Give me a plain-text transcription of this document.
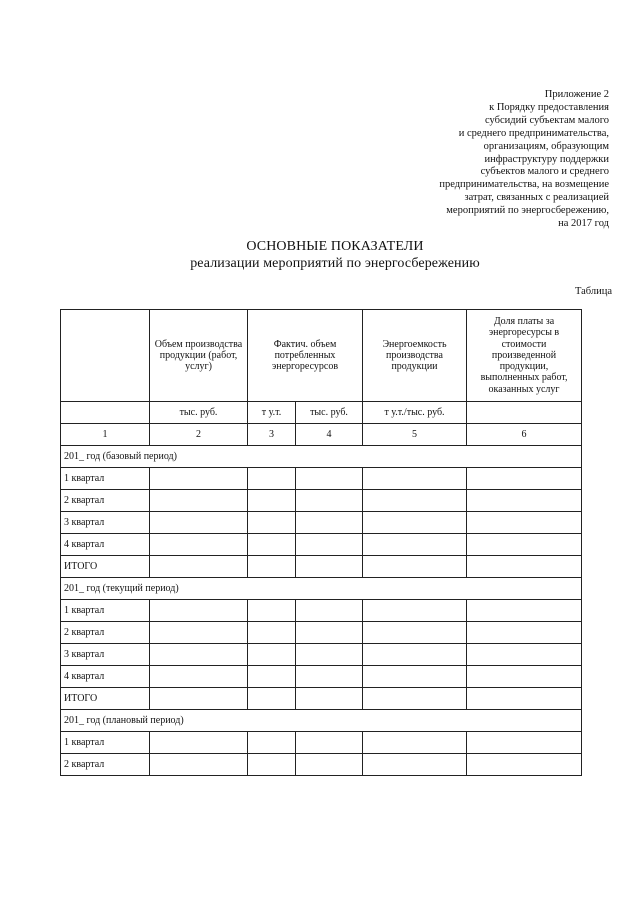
Приложение 2
к Порядку предоставления
субсидий субъектам малого
и среднего предпринимательства,
организациям, образующим
инфраструктуру поддержки
субъектов малого и среднего
предпринимательства, на возмещение
затрат, связанных с реализацией
мероприятий по энергосбережению,
на 2017 год
ОСНОВНЫЕ ПОКАЗАТЕЛИ
реализации мероприятий по энергосбережению
Таблица
	Объем производства продукции (работ, услуг)	Фактич. объем потребленных энергоресурсов		Энергоемкость производства продукции	Доля платы за энергоресурсы в стоимости произведенной продукции, выполненных работ, оказанных услуг
	тыс. руб.	т у.т.	тыс. руб.	т у.т./тыс. руб.	
1	2	3	4	5	6
201_ год (базовый период)					
1 квартал					
2 квартал					
3 квартал					
4 квартал					
ИТОГО					
201_ год (текущий период)					
1 квартал					
2 квартал					
3 квартал					
4 квартал					
ИТОГО					
201_ год (плановый период)					
1 квартал					
2 квартал					
